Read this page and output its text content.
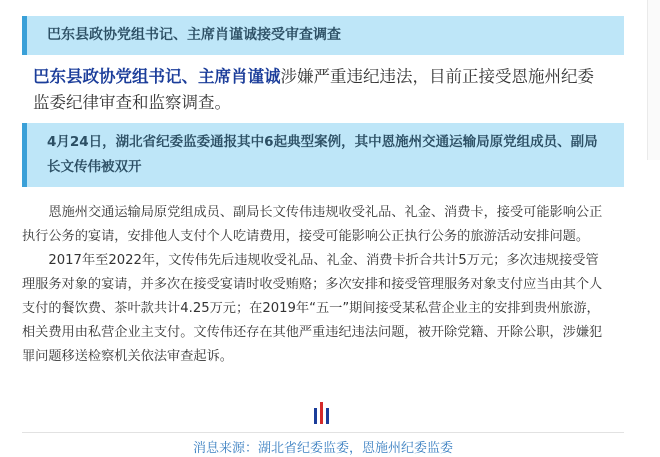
巴东县政协党组书记、主席肖谨诚接受审查调查

巴东县政协党组书记、主席肖谨诚涉嫌严重违纪违法，目前正接受恩施州纪委监委纪律审查和监察调查。

4月24日，湖北省纪委监委通报其中6起典型案例，其中恩施州交通运输局原党组成员、副局长文传伟被双开

恩施州交通运输局原党组成员、副局长文传伟违规收受礼品、礼金、消费卡，接受可能影响公正执行公务的宴请，安排他人支付个人吃请费用，接受可能影响公正执行公务的旅游活动安排问题。

2017年至2022年，文传伟先后违规收受礼品、礼金、消费卡折合共计5万元；多次违规接受管理服务对象的宴请，并多次在接受宴请时收受贿赂；多次安排和接受管理服务对象支付应当由其个人支付的餐饮费、茶叶款共计4.25万元；在2019年“五一”期间接受某私营企业主的安排到贵州旅游，相关费用由私营企业主支付。文传伟还存在其他严重违纪违法问题，被开除党籍、开除公职，涉嫌犯罪问题移送检察机关依法审查起诉。

消息来源：湖北省纪委监委，恩施州纪委监委
